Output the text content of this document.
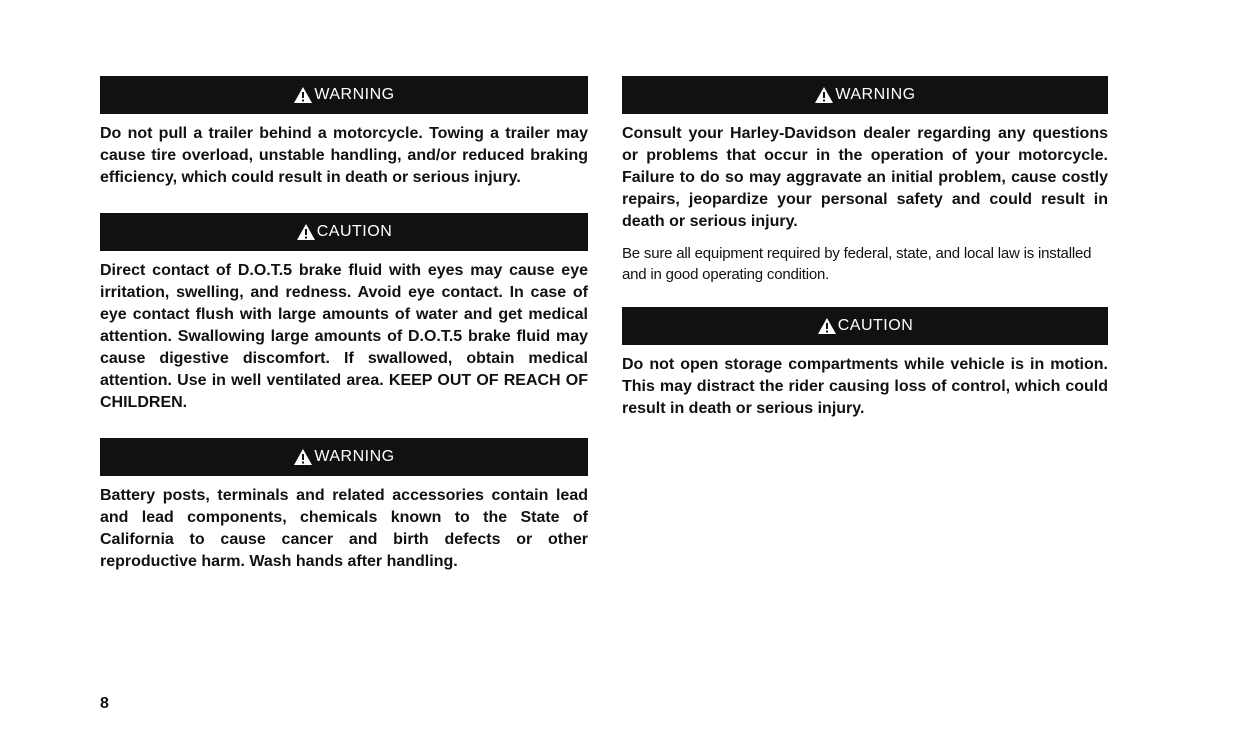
WARNING

Do not pull a trailer behind a motorcycle. Towing a trailer may cause tire overload, unstable handling, and/or reduced braking efficiency, which could result in death or serious injury.

CAUTION

Direct contact of D.O.T.5 brake fluid with eyes may cause eye irritation, swelling, and redness. Avoid eye contact. In case of eye contact flush with large amounts of water and get medical attention. Swallowing large amounts of D.O.T.5 brake fluid may cause digestive discomfort. If swallowed, obtain medical attention. Use in well ventilated area. KEEP OUT OF REACH OF CHILDREN.

WARNING

Battery posts, terminals and related accessories contain lead and lead components, chemicals known to the State of California to cause cancer and birth defects or other reproductive harm. Wash hands after handling.

WARNING

Consult your Harley-Davidson dealer regarding any questions or problems that occur in the operation of your motorcycle. Failure to do so may aggravate an initial problem, cause costly repairs, jeopardize your personal safety and could result in death or serious injury.

Be sure all equipment required by federal, state, and local law is installed and in good operating condition.

CAUTION

Do not open storage compartments while vehicle is in motion. This may distract the rider causing loss of control, which could result in death or serious injury.

8
